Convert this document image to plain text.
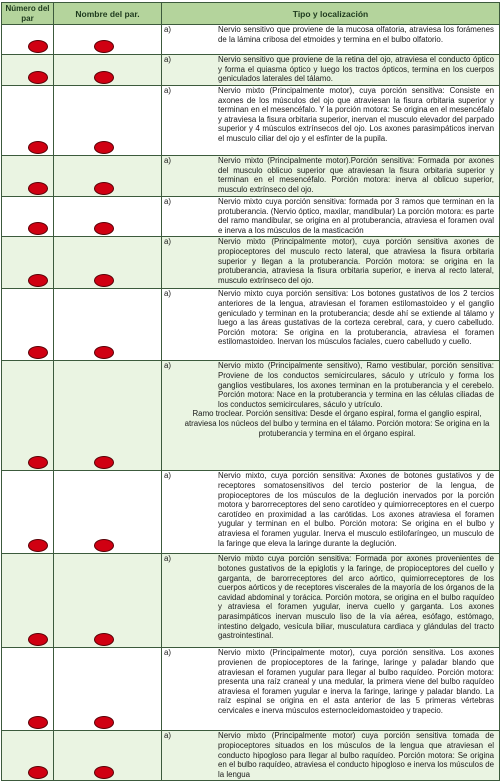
Número del par	Nombre del par.	Tipo y localización

		a) Nervio sensitivo que proviene de la mucosa olfatoria, atraviesa los forámenes de la lámina cribosa del etmoides y termina en el bulbo olfatorio.

		a) Nervio sensitivo que proviene de la retina del ojo, atraviesa el conducto óptico y forma el quiasma óptico y luego los tractos ópticos, termina en los cuerpos geniculados laterales del tálamo.

		a) Nervio mixto (Principalmente motor), cuya porción sensitiva: Consiste en axones de los músculos del ojo que atraviesan la fisura orbitaria superior y terminan en el mesencéfalo. Y la porción motora: Se origina en el mesencéfalo y atraviesa la fisura orbitaria superior, inervan el musculo elevador del parpado superior y 4 músculos extrínsecos del ojo. Los axones parasimpáticos inervan el musculo ciliar del ojo y el esfínter de la pupila.

		a) Nervio mixto (Principalmente motor).Porción sensitiva: Formada por axones del musculo oblicuo superior que atraviesan la fisura orbitaria superior y terminan en el mesencéfalo. Porción motora: inerva al oblicuo superior, musculo extrínseco del ojo.

		a) Nervio mixto cuya porción sensitiva: formada por 3 ramos que terminan en la protuberancia. (Nervio óptico, maxilar, mandibular) La porción motora: es parte del ramo mandibular, se origina en al protuberancia, atraviesa el foramen oval e inerva a los músculos de la masticación

		a) Nervio mixto (Principalmente motor), cuya porción sensitiva axones de propioceptores del musculo recto lateral, que atraviesa la fisura orbitaria superior y llegan a la protuberancia. Porción motora: se origina en la protuberancia, atraviesa la fisura orbitaria superior, e inerva al recto lateral, musculo extrínseco del ojo.

		a) Nervio mixto cuya porción sensitiva: Los botones gustativos de los 2 tercios anteriores de la lengua, atraviesan el foramen estilomastoideo y el ganglio geniculado y terminan en la protuberancia; desde ahí se extiende al tálamo y luego a las áreas gustativas de la corteza cerebral, cara, y cuero cabelludo. Porción motora: Se origina en la protuberancia, atraviesa el foramen estilomastoideo. Inervan los músculos faciales, cuero cabelludo y cuello.

		a) Nervio mixto (Principalmente sensitivo), Ramo vestibular, porción sensitiva: Proviene de los conductos semicirculares, sáculo y utrículo y forma los ganglios vestibulares, los axones terminan en la protuberancia y el cerebelo. Porción motora: Nace en la protuberancia y termina en las células ciliadas de los conductos semicirculares, sáculo y utrículo.
Ramo troclear. Porción sensitiva: Desde el órgano espiral, forma el ganglio espiral, atraviesa los núcleos del bulbo y termina en el tálamo. Porción motora: Se origina en la protuberancia y termina en el órgano espiral.

		a) Nervio mixto, cuya porción sensitiva: Axones de botones gustativos y de receptores somatosensitivos del tercio posterior de la lengua, de propioceptores de los músculos de la deglución inervados por la porción motora y barorreceptores del seno carotídeo y quimiorreceptores en el cuerpo carotídeo en proximidad a las carótidas. Los axones atraviesa el foramen yugular y terminan en el bulbo. Porción motora: Se origina en el bulbo y atraviesa el foramen yugular. Inerva el musculo estilofaríngeo, un musculo de la faringe que eleva la laringe durante la deglución.

		a) Nervio mixto cuya porción sensitiva: Formada por axones provenientes de botones gustativos de la epiglotis y la faringe, de propioceptores del cuello y garganta, de barorreceptores del arco aórtico, quimiorreceptores de los cuerpos aórticos y de receptores viscerales de la mayoría de los órganos de la cavidad abdominal y torácica. Porción motora, se origina en el bulbo raquídeo y atraviesa el foramen yugular, inerva cuello y garganta. Los axones parasimpáticos inervan musculo liso de la vía aérea, esófago, estómago, intestino delgado, vesícula biliar, musculatura cardiaca y glándulas del tracto gastrointestinal.

		a) Nervio mixto (Principalmente motor), cuya porción sensitiva. Los axones provienen de propioceptores de la faringe, laringe y paladar blando que atraviesan el foramen yugular para llegar al bulbo raquídeo. Porción motora: presenta una raíz craneal y una medular, la primera viene del bulbo raquídeo atraviesa el foramen yugular e inerva la faringe, laringe y paladar blando. La raíz espinal se origina en el asta anterior de las 5 primeras vértebras cervicales e inerva músculos esternocleidomastoideo y trapecio.

		a) Nervio mixto (Principalmente motor) cuya porción sensitiva tomada de propioceptores situados en los músculos de la lengua que atraviesan el conducto hipogloso para llegar al bulbo raquídeo. Porción motora: Se origina en el bulbo raquídeo, atraviesa el conducto hipogloso e inerva los músculos de la lengua
